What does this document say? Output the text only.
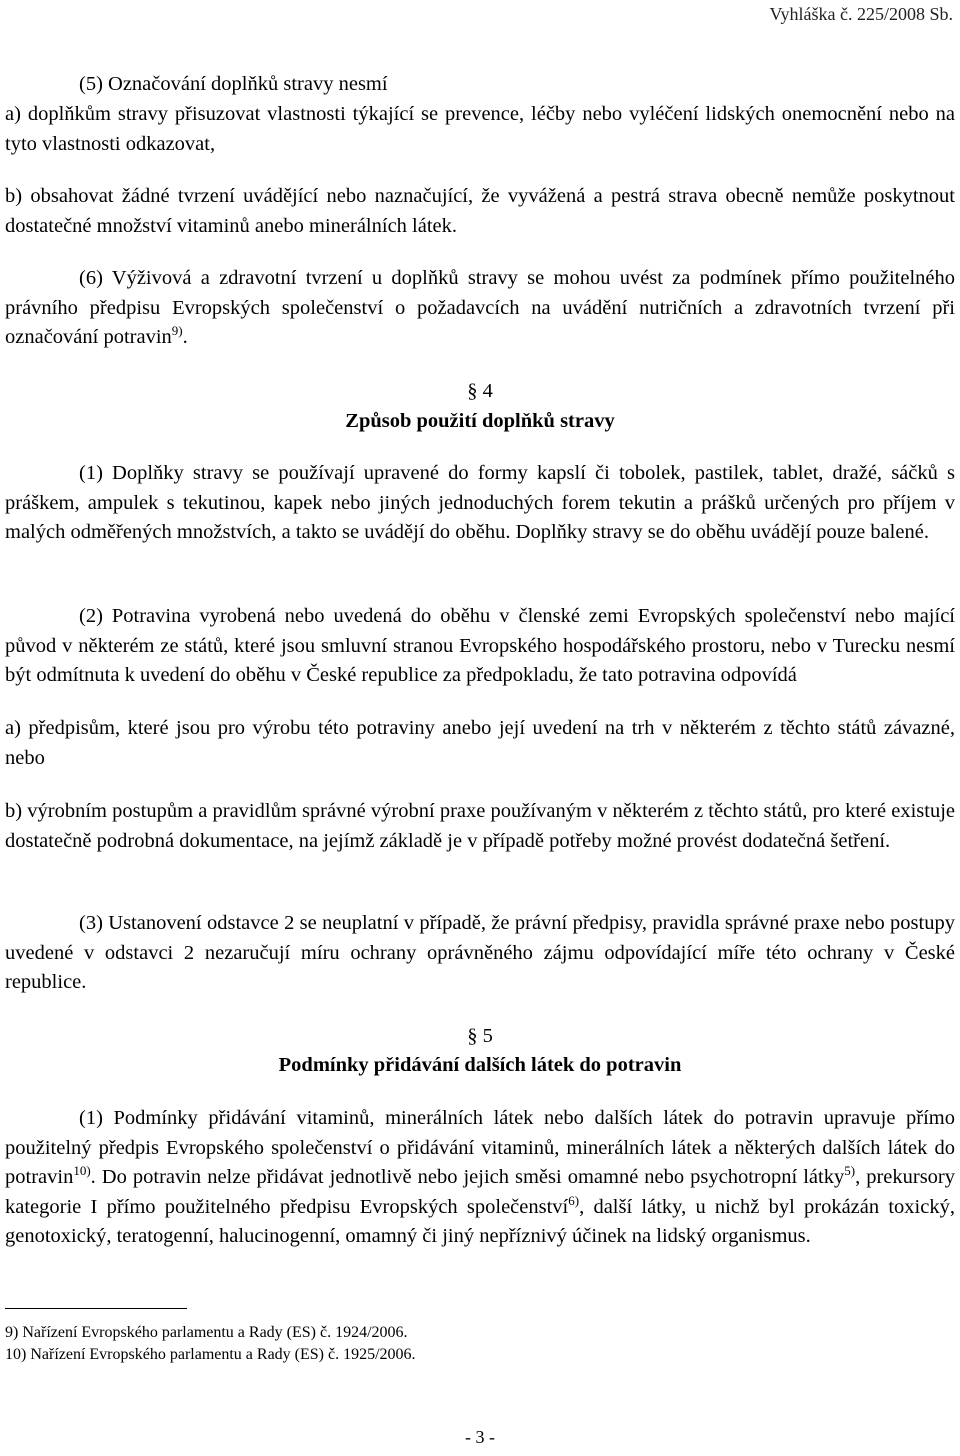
Vyhláška č. 225/2008 Sb.

(5) Označování doplňků stravy nesmí

a) doplňkům stravy přisuzovat vlastnosti týkající se prevence, léčby nebo vyléčení lidských onemocnění nebo na tyto vlastnosti odkazovat,

b) obsahovat žádné tvrzení uvádějící nebo naznačující, že vyvážená a pestrá strava obecně nemůže poskytnout dostatečné množství vitaminů anebo minerálních látek.

(6) Výživová a zdravotní tvrzení u doplňků stravy se mohou uvést za podmínek přímo použitelného právního předpisu Evropských společenství o požadavcích na uvádění nutričních a zdravotních tvrzení při označování potravin$^{9)}$.

§ 4

Způsob použití doplňků stravy

(1) Doplňky stravy se používají upravené do formy kapslí či tobolek, pastilek, tablet, dražé, sáčků s práškem, ampulek s tekutinou, kapek nebo jiných jednoduchých forem tekutin a prášků určených pro příjem v malých odměřených množstvích, a takto se uvádějí do oběhu. Doplňky stravy se do oběhu uvádějí pouze balené.

(2) Potravina vyrobená nebo uvedená do oběhu v členské zemi Evropských společenství nebo mající původ v některém ze států, které jsou smluvní stranou Evropského hospodářského prostoru, nebo v Turecku nesmí být odmítnuta k uvedení do oběhu v České republice za předpokladu, že tato potravina odpovídá

a) předpisům, které jsou pro výrobu této potraviny anebo její uvedení na trh v některém z těchto států závazné, nebo

b) výrobním postupům a pravidlům správné výrobní praxe používaným v některém z těchto států, pro které existuje dostatečně podrobná dokumentace, na jejímž základě je v případě potřeby možné provést dodatečná šetření.

(3) Ustanovení odstavce 2 se neuplatní v případě, že právní předpisy, pravidla správné praxe nebo postupy uvedené v odstavci 2 nezaručují míru ochrany oprávněného zájmu odpovídající míře této ochrany v České republice.

§ 5

Podmínky přidávání dalších látek do potravin

(1) Podmínky přidávání vitaminů, minerálních látek nebo dalších látek do potravin upravuje přímo použitelný předpis Evropského společenství o přidávání vitaminů, minerálních látek a některých dalších látek do potravin$^{10)}$. Do potravin nelze přidávat jednotlivě nebo jejich směsi omamné nebo psychotropní látky$^{5)}$, prekursory kategorie I přímo použitelného předpisu Evropských společenství$^{6)}$, další látky, u nichž byl prokázán toxický, genotoxický, teratogenní, halucinogenní, omamný či jiný nepříznivý účinek na lidský organismus.

9) Nařízení Evropského parlamentu a Rady (ES) č. 1924/2006.

10) Nařízení Evropského parlamentu a Rady (ES) č. 1925/2006.

- 3 -
